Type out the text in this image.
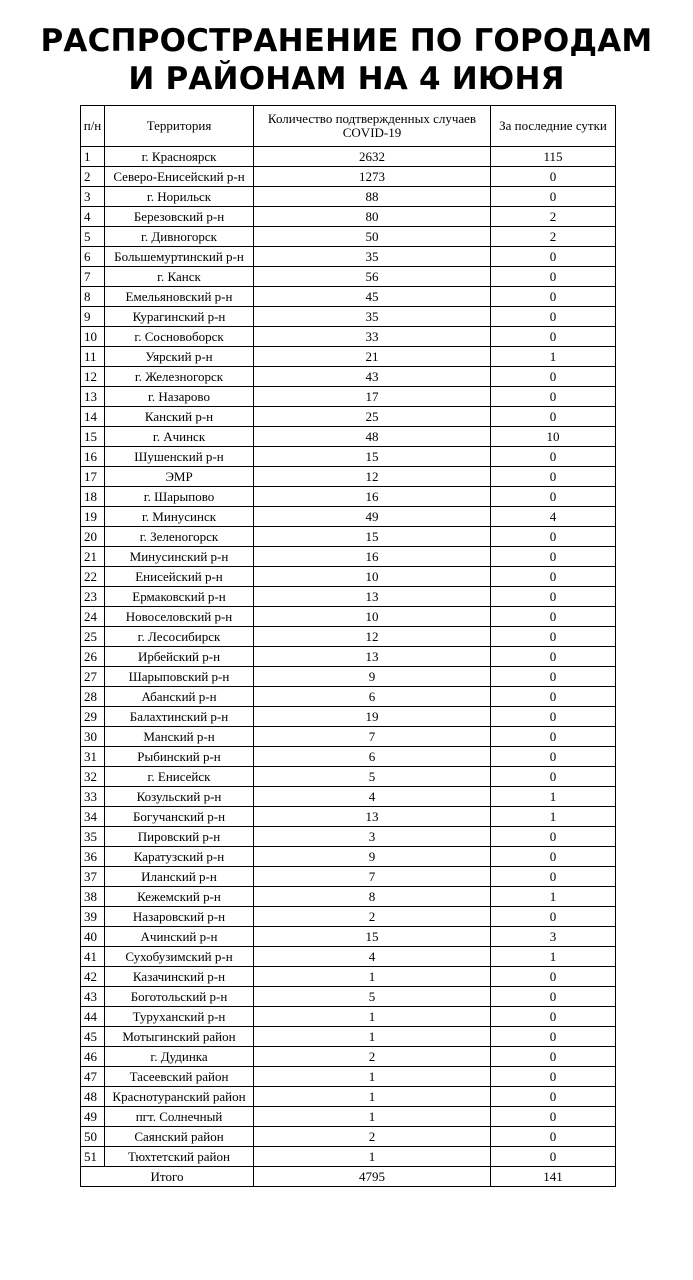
РАСПРОСТРАНЕНИЕ ПО ГОРОДАМ
И РАЙОНАМ НА 4 ИЮНЯ
п/н	Территория	Количество подтвержденных случаев COVID-19	За последние сутки
1	г. Красноярск	2632	115
2	Северо-Енисейский р-н	1273	0
3	г. Норильск	88	0
4	Березовский р-н	80	2
5	г. Дивногорск	50	2
6	Большемуртинский р-н	35	0
7	г. Канск	56	0
8	Емельяновский р-н	45	0
9	Курагинский р-н	35	0
10	г. Сосновоборск	33	0
11	Уярский р-н	21	1
12	г. Железногорск	43	0
13	г. Назарово	17	0
14	Канский р-н	25	0
15	г. Ачинск	48	10
16	Шушенский р-н	15	0
17	ЭМР	12	0
18	г. Шарыпово	16	0
19	г. Минусинск	49	4
20	г. Зеленогорск	15	0
21	Минусинский р-н	16	0
22	Енисейский р-н	10	0
23	Ермаковский р-н	13	0
24	Новоселовский р-н	10	0
25	г. Лесосибирск	12	0
26	Ирбейский р-н	13	0
27	Шарыповский р-н	9	0
28	Абанский р-н	6	0
29	Балахтинский р-н	19	0
30	Манский р-н	7	0
31	Рыбинский р-н	6	0
32	г. Енисейск	5	0
33	Козульский р-н	4	1
34	Богучанский р-н	13	1
35	Пировский р-н	3	0
36	Каратузский р-н	9	0
37	Иланский р-н	7	0
38	Кежемский р-н	8	1
39	Назаровский р-н	2	0
40	Ачинский р-н	15	3
41	Сухобузимский р-н	4	1
42	Казачинский р-н	1	0
43	Боготольский р-н	5	0
44	Туруханский р-н	1	0
45	Мотыгинский район	1	0
46	г. Дудинка	2	0
47	Тасеевский район	1	0
48	Краснотуранский район	1	0
49	пгт. Солнечный	1	0
50	Саянский район	2	0
51	Тюхтетский район	1	0
Итого		4795	141
